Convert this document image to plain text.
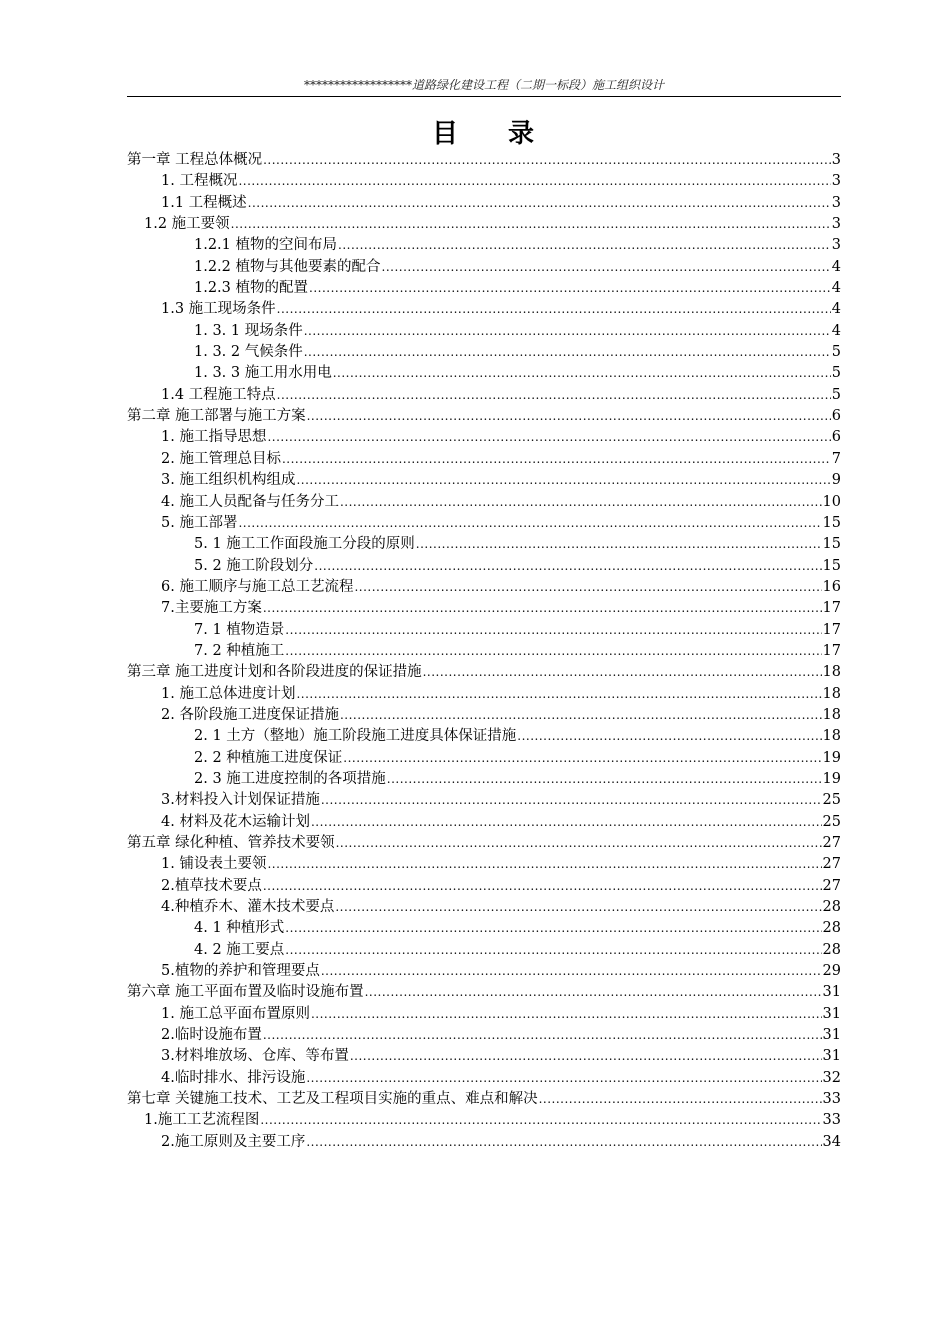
******************道路绿化建设工程（二期一标段）施工组织设计
目 录
第一章 工程总体概况 .....	3
1. 工程概况 .....	3
1.1 工程概述 .....	3
1.2 施工要领 .....	3
1.2.1 植物的空间布局 .....	3
1.2.2 植物与其他要素的配合 .....	4
1.2.3 植物的配置 .....	4
1.3 施工现场条件 .....	4
1. 3. 1 现场条件 .....	4
1. 3. 2 气候条件 .....	5
1. 3. 3 施工用水用电 .....	5
1.4 工程施工特点 .....	5
第二章 施工部署与施工方案 .....	6
1. 施工指导思想 .....	6
2. 施工管理总目标 .....	7
3. 施工组织机构组成 .....	9
4. 施工人员配备与任务分工 .....	10
5. 施工部署 .....	15
5. 1 施工工作面段施工分段的原则 .....	15
5. 2 施工阶段划分 .....	15
6. 施工顺序与施工总工艺流程 .....	16
7.主要施工方案 .....	17
7. 1 植物造景 .....	17
7. 2 种植施工 .....	17
第三章 施工进度计划和各阶段进度的保证措施 .....	18
1. 施工总体进度计划 .....	18
2. 各阶段施工进度保证措施 .....	18
2. 1 土方（整地）施工阶段施工进度具体保证措施 .....	18
2. 2 种植施工进度保证 .....	19
2. 3 施工进度控制的各项措施 .....	19
3.材料投入计划保证措施 .....	25
4. 材料及花木运输计划 .....	25
第五章 绿化种植、管养技术要领 .....	27
1. 铺设表土要领 .....	27
2.植草技术要点 .....	27
4.种植乔木、灌木技术要点 .....	28
4. 1 种植形式 .....	28
4. 2 施工要点 .....	28
5.植物的养护和管理要点 .....	29
第六章 施工平面布置及临时设施布置 .....	31
1. 施工总平面布置原则 .....	31
2.临时设施布置 .....	31
3.材料堆放场、仓库、等布置 .....	31
4.临时排水、排污设施 .....	32
第七章 关键施工技术、工艺及工程项目实施的重点、难点和解决 .....	33
1.施工工艺流程图 .....	33
2.施工原则及主要工序 .....	34
